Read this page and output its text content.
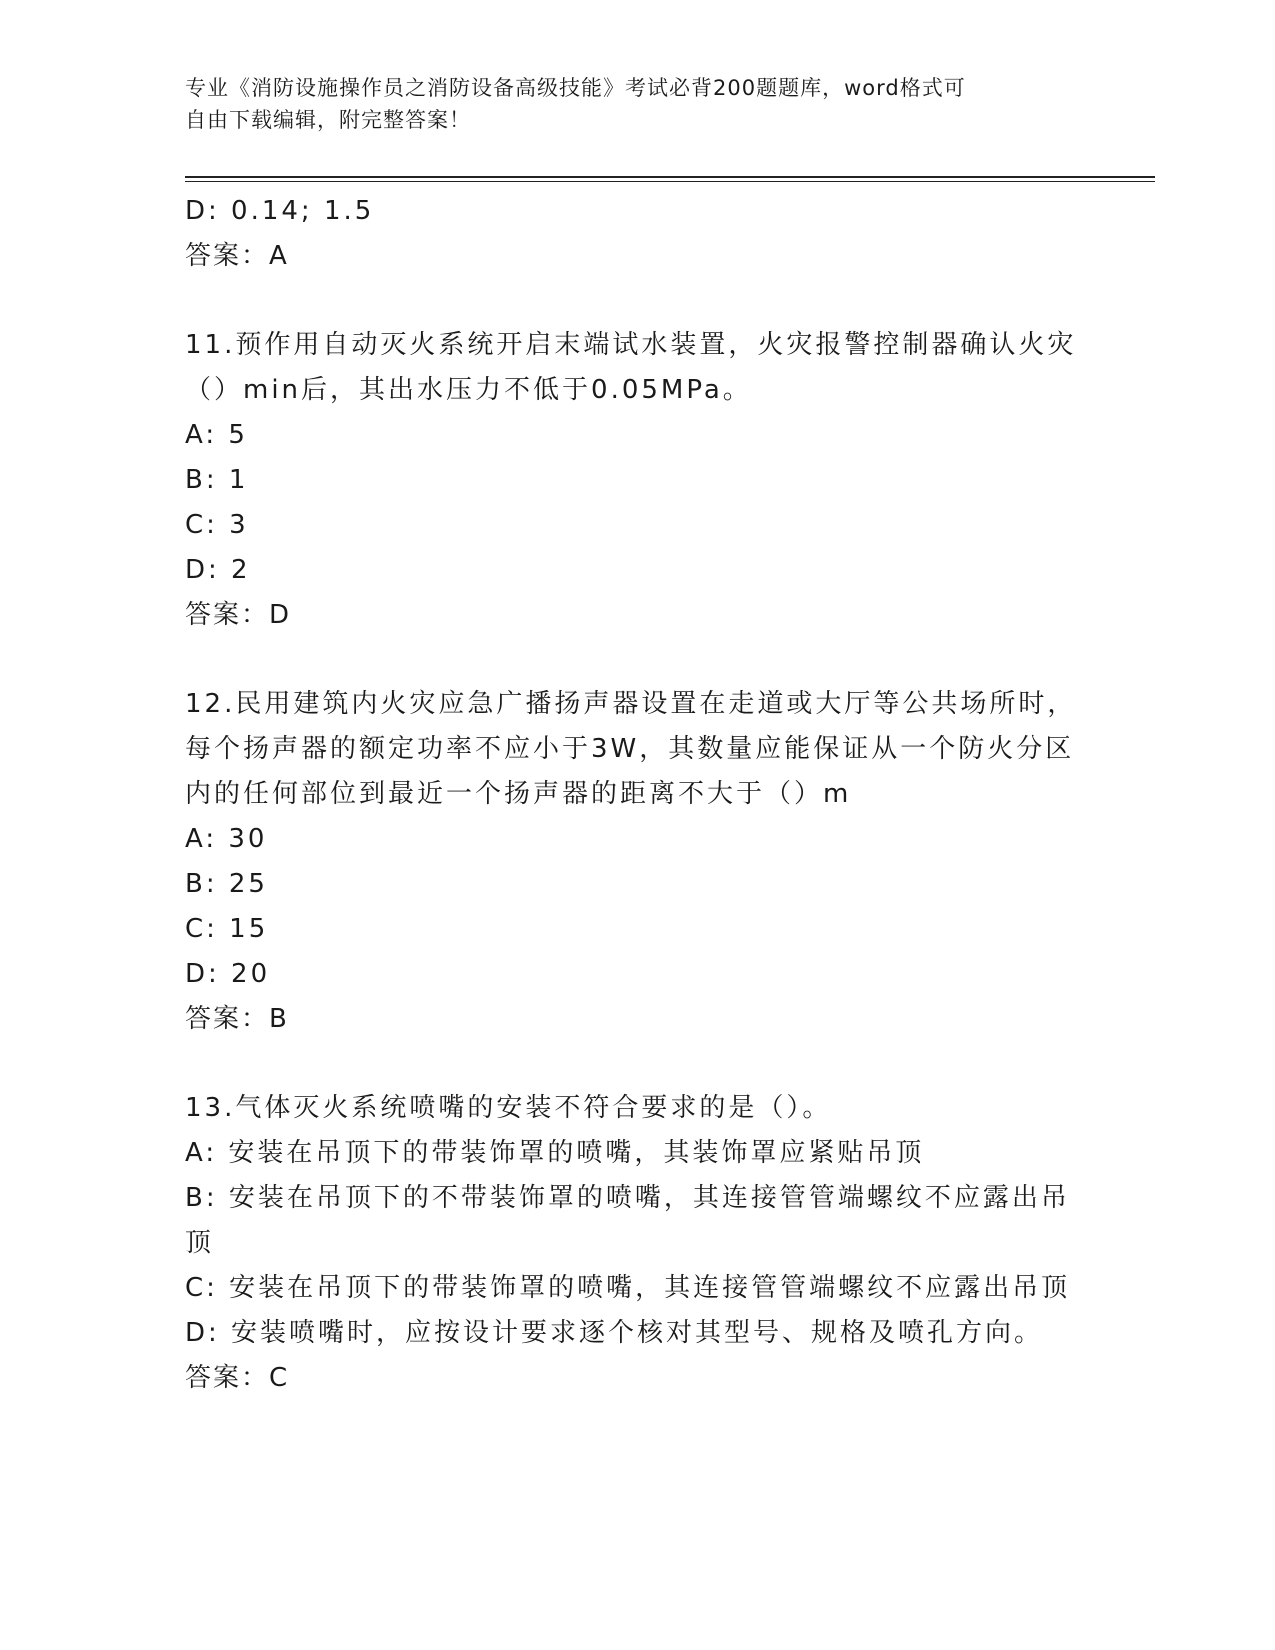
专业《消防设施操作员之消防设备高级技能》考试必背200题题库，word格式可
自由下载编辑，附完整答案！
D: 0.14; 1.5
答案：A
11.预作用自动灭火系统开启末端试水装置，火灾报警控制器确认火灾
（）min后，其出水压力不低于0.05MPa。
A: 5
B: 1
C: 3
D: 2
答案：D
12.民用建筑内火灾应急广播扬声器设置在走道或大厅等公共场所时，
每个扬声器的额定功率不应小于3W，其数量应能保证从一个防火分区
内的任何部位到最近一个扬声器的距离不大于（）m
A: 30
B: 25
C: 15
D: 20
答案：B
13.气体灭火系统喷嘴的安装不符合要求的是（）。
A: 安装在吊顶下的带装饰罩的喷嘴，其装饰罩应紧贴吊顶
B: 安装在吊顶下的不带装饰罩的喷嘴，其连接管管端螺纹不应露出吊
顶
C: 安装在吊顶下的带装饰罩的喷嘴，其连接管管端螺纹不应露出吊顶
D: 安装喷嘴时，应按设计要求逐个核对其型号、规格及喷孔方向。
答案：C
